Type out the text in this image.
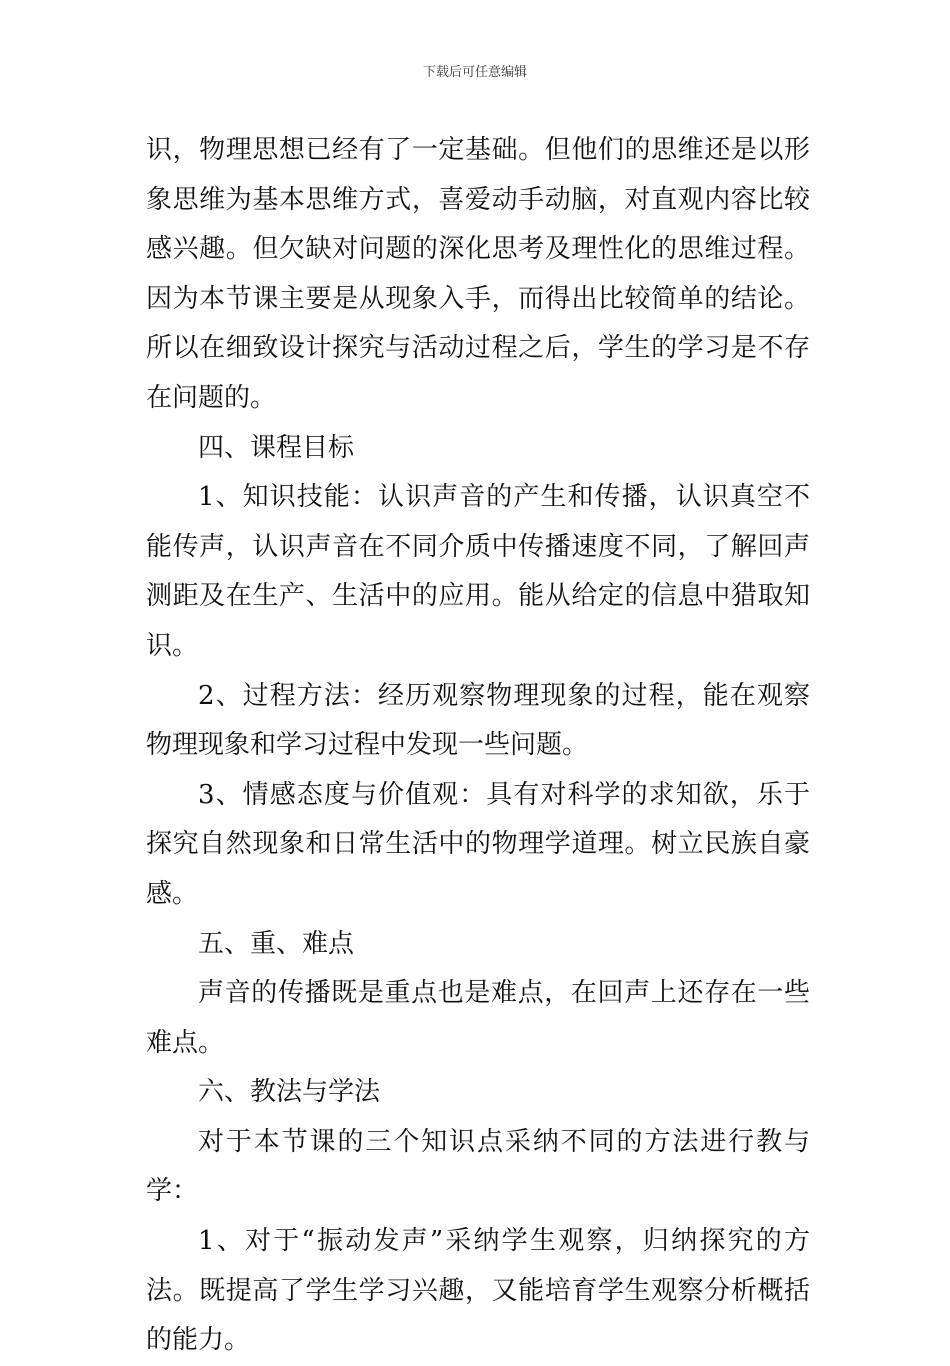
下载后可任意编辑

识，物理思想已经有了一定基础。但他们的思维还是以形象思维为基本思维方式，喜爱动手动脑，对直观内容比较感兴趣。但欠缺对问题的深化思考及理性化的思维过程。因为本节课主要是从现象入手，而得出比较简单的结论。所以在细致设计探究与活动过程之后，学生的学习是不存在问题的。

四、课程目标

1、知识技能：认识声音的产生和传播，认识真空不能传声，认识声音在不同介质中传播速度不同，了解回声测距及在生产、生活中的应用。能从给定的信息中猎取知识。

2、过程方法：经历观察物理现象的过程，能在观察物理现象和学习过程中发现一些问题。

3、情感态度与价值观：具有对科学的求知欲，乐于探究自然现象和日常生活中的物理学道理。树立民族自豪感。

五、重、难点

声音的传播既是重点也是难点，在回声上还存在一些难点。

六、教法与学法

对于本节课的三个知识点采纳不同的方法进行教与学：

1、对于“振动发声”采纳学生观察，归纳探究的方法。既提高了学生学习兴趣，又能培育学生观察分析概括的能力。
